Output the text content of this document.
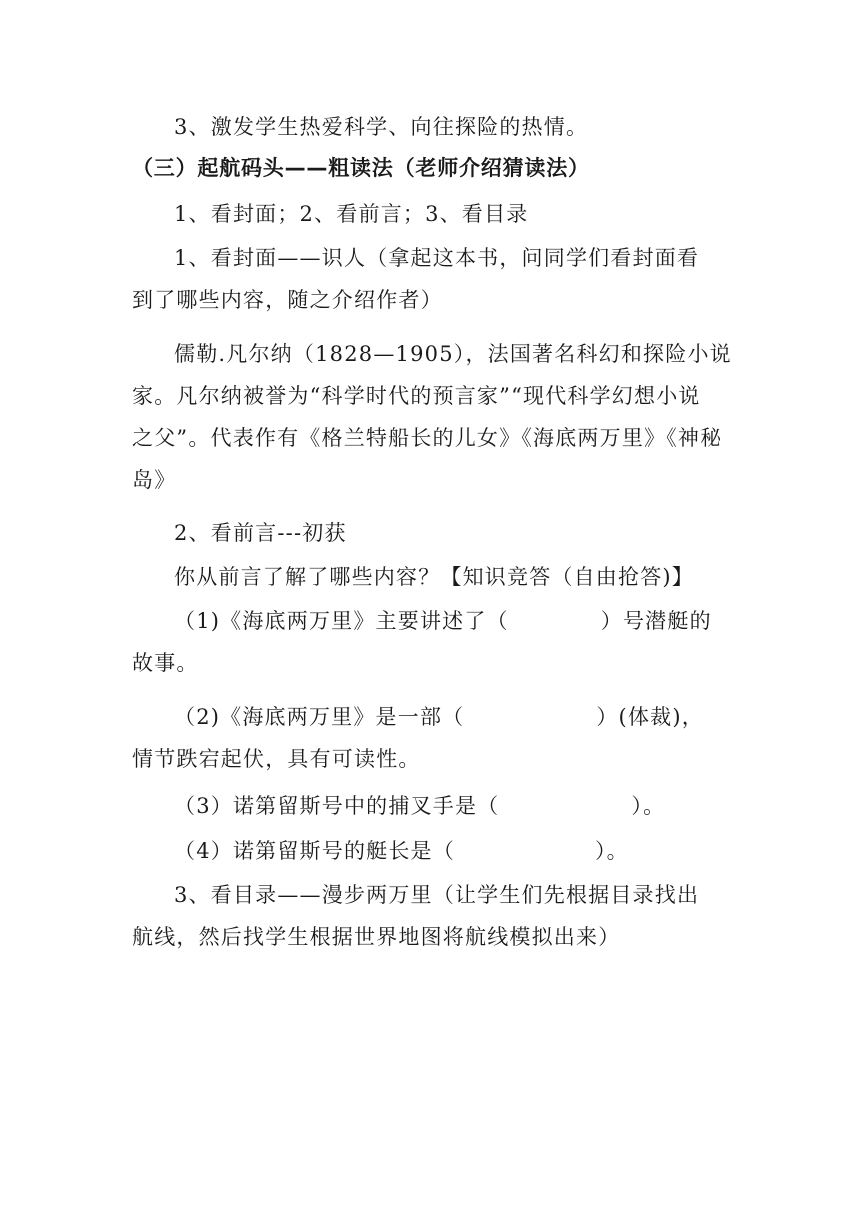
3、激发学生热爱科学、向往探险的热情。
（三）起航码头——粗读法（老师介绍猜读法）
1、看封面；2、看前言；3、看目录
1、看封面——识人（拿起这本书，问同学们看封面看
到了哪些内容，随之介绍作者）
儒勒.凡尔纳（1828—1905），法国著名科幻和探险小说
家。凡尔纳被誉为“科学时代的预言家”“现代科学幻想小说
之父”。代表作有《格兰特船长的儿女》《海底两万里》《神秘
岛》
2、看前言---初获
你从前言了解了哪些内容？【知识竞答（自由抢答)】
（1)《海底两万里》主要讲述了（	）号潜艇的
故事。
（2)《海底两万里》是一部（	）(体裁)，
情节跌宕起伏，具有可读性。
（3）诺第留斯号中的捕叉手是（	）。
（4）诺第留斯号的艇长是（	）。
3、看目录——漫步两万里（让学生们先根据目录找出
航线，然后找学生根据世界地图将航线模拟出来）
